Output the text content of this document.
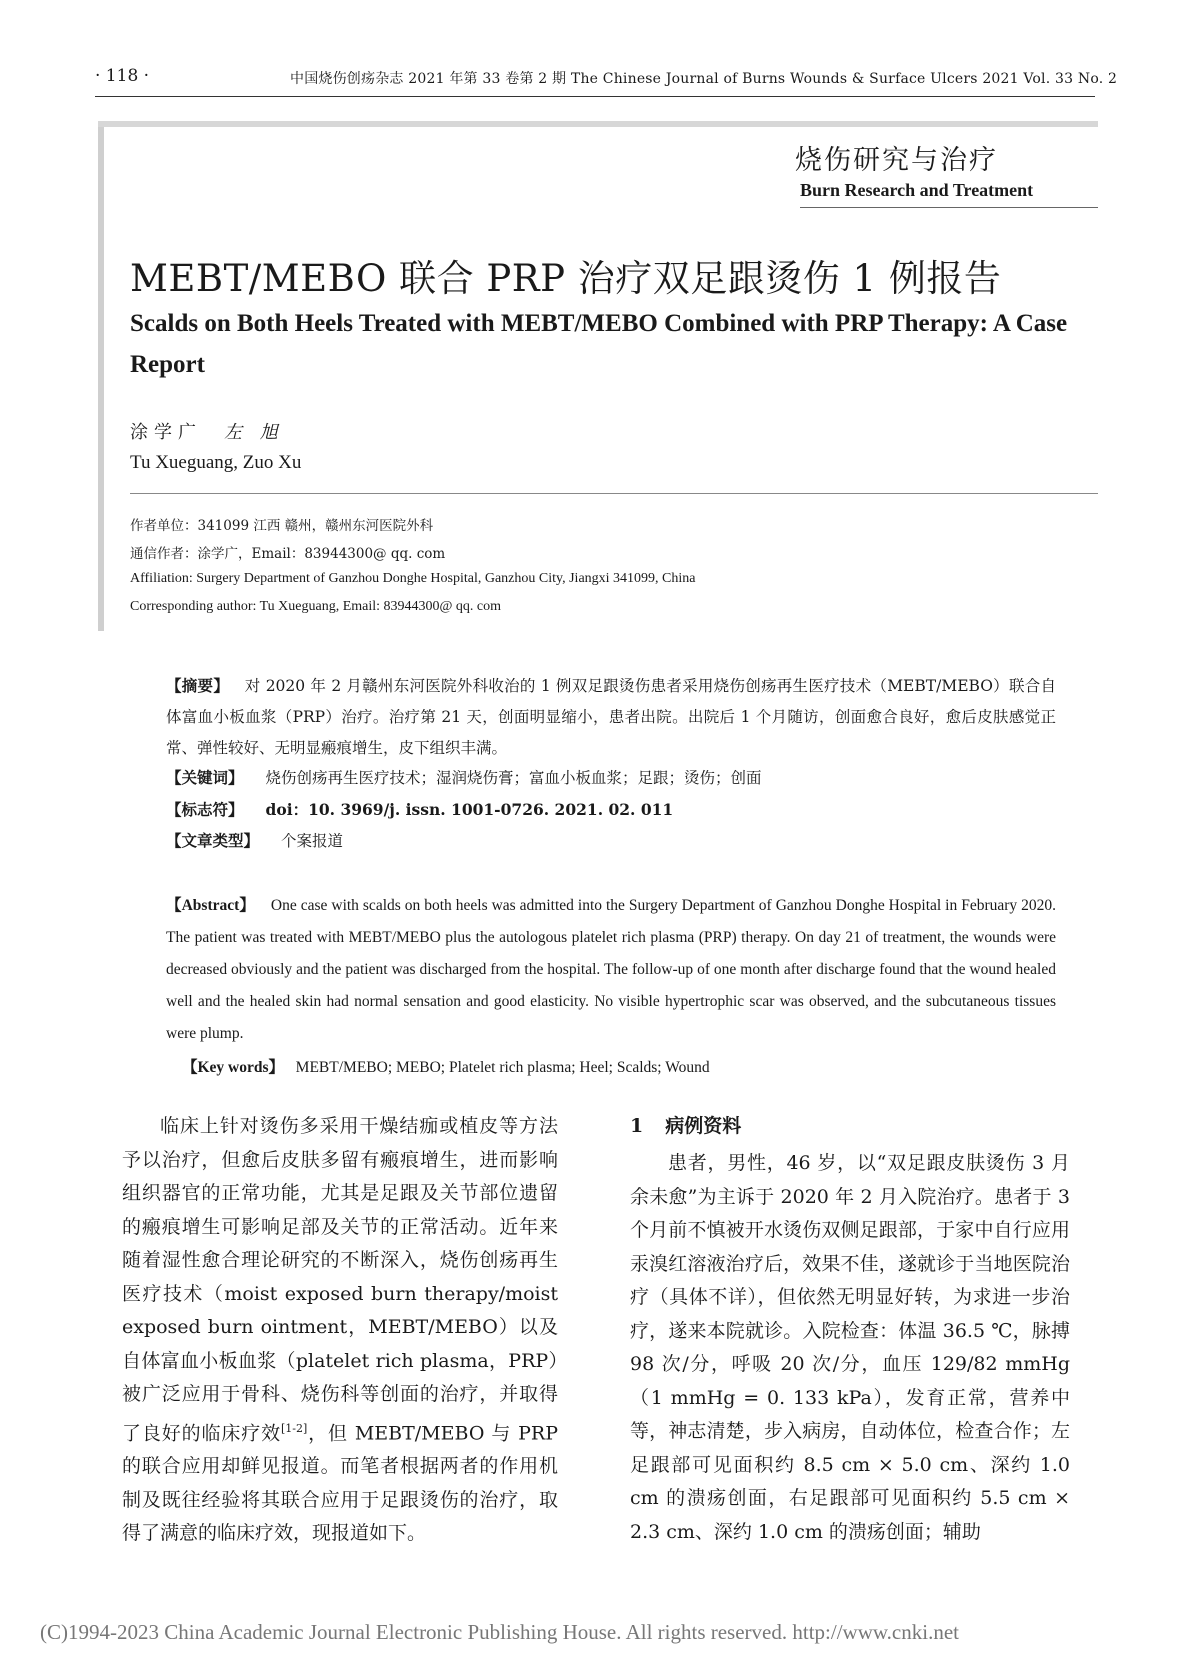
· 118 ·	中国烧伤创疡杂志 2021 年第 33 卷第 2 期 The Chinese Journal of Burns Wounds & Surface Ulcers 2021 Vol. 33 No. 2
烧伤研究与治疗
Burn Research and Treatment
MEBT/MEBO 联合 PRP 治疗双足跟烫伤 1 例报告
Scalds on Both Heels Treated with MEBT/MEBO Combined with PRP Therapy: A Case Report
涂学广 左 旭
Tu Xueguang, Zuo Xu
作者单位：341099 江西 赣州，赣州东河医院外科
通信作者：涂学广，Email：83944300@ qq. com
Affiliation: Surgery Department of Ganzhou Donghe Hospital, Ganzhou City, Jiangxi 341099, China
Corresponding author: Tu Xueguang, Email: 83944300@ qq. com
【摘要】 对 2020 年 2 月赣州东河医院外科收治的 1 例双足跟烫伤患者采用烧伤创疡再生医疗技术（MEBT/MEBO）联合自体富血小板血浆（PRP）治疗。治疗第 21 天，创面明显缩小，患者出院。出院后 1 个月随访，创面愈合良好，愈后皮肤感觉正常、弹性较好、无明显瘢痕增生，皮下组织丰满。
【关键词】 烧伤创疡再生医疗技术；湿润烧伤膏；富血小板血浆；足跟；烫伤；创面
【标志符】 doi：10. 3969/j. issn. 1001-0726. 2021. 02. 011
【文章类型】 个案报道
【Abstract】 One case with scalds on both heels was admitted into the Surgery Department of Ganzhou Donghe Hospital in February 2020. The patient was treated with MEBT/MEBO plus the autologous platelet rich plasma (PRP) therapy. On day 21 of treatment, the wounds were decreased obviously and the patient was discharged from the hospital. The follow-up of one month after discharge found that the wound healed well and the healed skin had normal sensation and good elasticity. No visible hypertrophic scar was observed, and the subcutaneous tissues were plump.
【Key words】 MEBT/MEBO; MEBO; Platelet rich plasma; Heel; Scalds; Wound
临床上针对烫伤多采用干燥结痂或植皮等方法予以治疗，但愈后皮肤多留有瘢痕增生，进而影响组织器官的正常功能，尤其是足跟及关节部位遗留的瘢痕增生可影响足部及关节的正常活动。近年来随着湿性愈合理论研究的不断深入，烧伤创疡再生医疗技术（moist exposed burn therapy/moist exposed burn ointment，MEBT/MEBO）以及自体富血小板血浆（platelet rich plasma，PRP）被广泛应用于骨科、烧伤科等创面的治疗，并取得了良好的临床疗效[1-2]，但 MEBT/MEBO 与 PRP 的联合应用却鲜见报道。而笔者根据两者的作用机制及既往经验将其联合应用于足跟烫伤的治疗，取得了满意的临床疗效，现报道如下。
1 病例资料
患者，男性，46 岁，以“双足跟皮肤烫伤 3 月余未愈”为主诉于 2020 年 2 月入院治疗。患者于 3 个月前不慎被开水烫伤双侧足跟部，于家中自行应用汞溴红溶液治疗后，效果不佳，遂就诊于当地医院治疗（具体不详），但依然无明显好转，为求进一步治疗，遂来本院就诊。入院检查：体温 36.5 ℃，脉搏 98 次/分，呼吸 20 次/分，血压 129/82 mmHg（1 mmHg = 0. 133 kPa），发育正常，营养中等，神志清楚，步入病房，自动体位，检查合作；左足跟部可见面积约 8.5 cm × 5.0 cm、深约 1.0 cm 的溃疡创面，右足跟部可见面积约 5.5 cm × 2.3 cm、深约 1.0 cm 的溃疡创面；辅助
(C)1994-2023 China Academic Journal Electronic Publishing House. All rights reserved. http://www.cnki.net
